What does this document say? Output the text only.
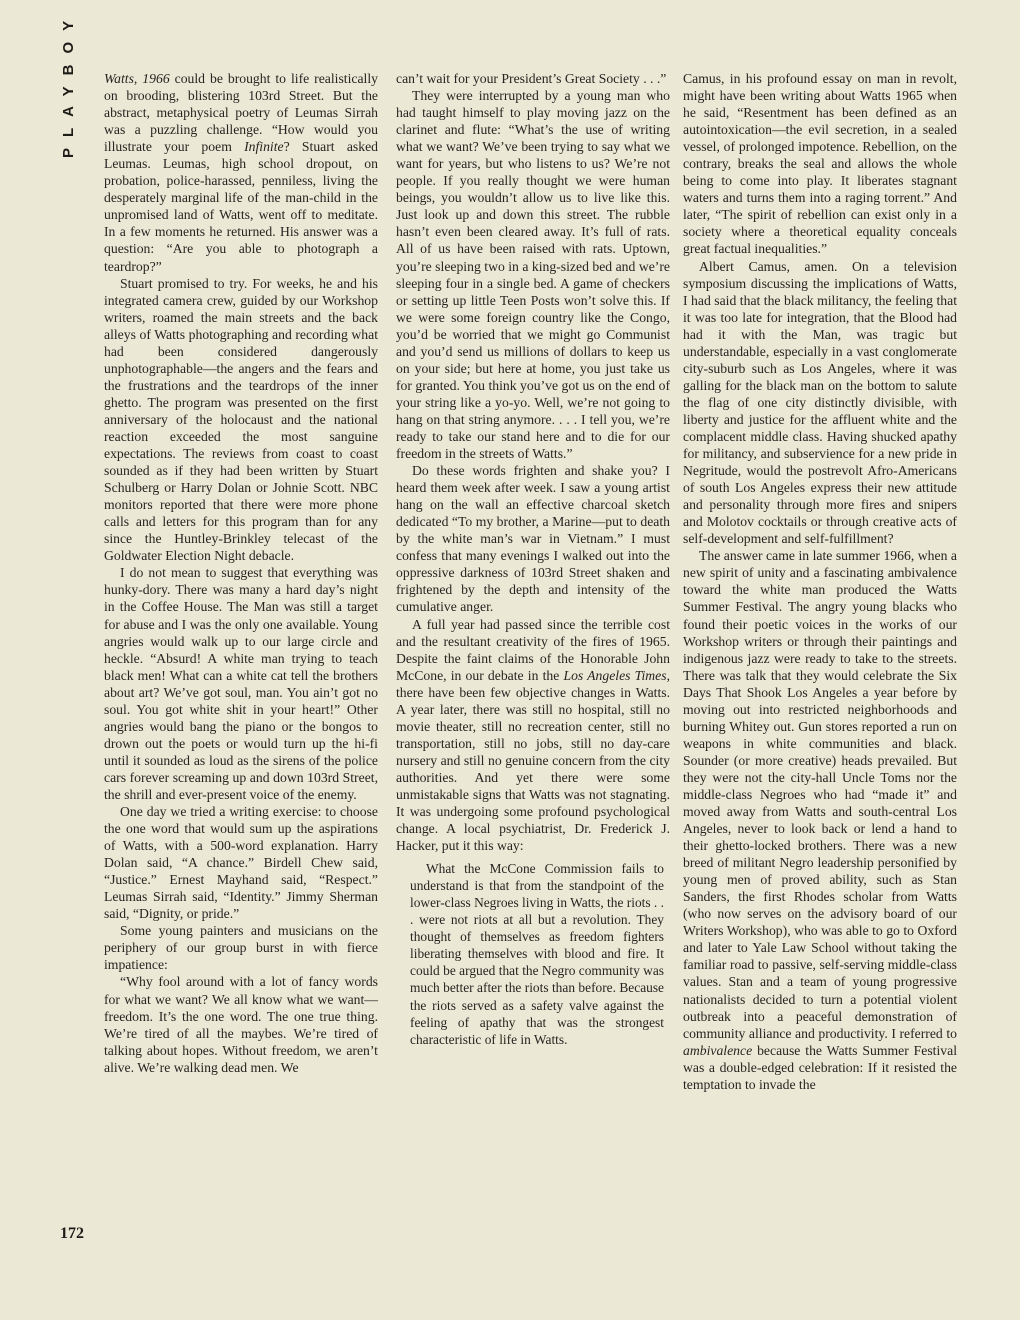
PLAYBOY	Watts, 1966 could be brought to life realistically on brooding, blistering 103rd Street. But the abstract, metaphysical poetry of Leumas Sirrah was a puzzling challenge. “How would you illustrate your poem Infinite? Stuart asked Leumas. Leumas, high school dropout, on probation, police-harassed, penniless, living the desperately marginal life of the man-child in the unpromised land of Watts, went off to meditate. In a few moments he returned. His answer was a question: “Are you able to photograph a teardrop?”

Stuart promised to try. For weeks, he and his integrated camera crew, guided by our Workshop writers, roamed the main streets and the back alleys of Watts photographing and recording what had been considered dangerously unphotographable—the angers and the fears and the frustrations and the teardrops of the inner ghetto. The program was presented on the first anniversary of the holocaust and the national reaction exceeded the most sanguine expectations. The reviews from coast to coast sounded as if they had been written by Stuart Schulberg or Harry Dolan or Johnie Scott. NBC monitors reported that there were more phone calls and letters for this program than for any since the Huntley-Brinkley telecast of the Goldwater Election Night debacle.

I do not mean to suggest that everything was hunky-dory. There was many a hard day’s night in the Coffee House. The Man was still a target for abuse and I was the only one available. Young angries would walk up to our large circle and heckle. “Absurd! A white man trying to teach black men! What can a white cat tell the brothers about art? We’ve got soul, man. You ain’t got no soul. You got white shit in your heart!” Other angries would bang the piano or the bongos to drown out the poets or would turn up the hi-fi until it sounded as loud as the sirens of the police cars forever screaming up and down 103rd Street, the shrill and ever-present voice of the enemy.

One day we tried a writing exercise: to choose the one word that would sum up the aspirations of Watts, with a 500-word explanation. Harry Dolan said, “A chance.” Birdell Chew said, “Justice.” Ernest Mayhand said, “Respect.” Leumas Sirrah said, “Identity.” Jimmy Sherman said, “Dignity, or pride.”

Some young painters and musicians on the periphery of our group burst in with fierce impatience:

“Why fool around with a lot of fancy words for what we want? We all know what we want—freedom. It’s the one word. The one true thing. We’re tired of all the maybes. We’re tired of talking about hopes. Without freedom, we aren’t alive. We’re walking dead men. We

can’t wait for your President’s Great Society . . .”

They were interrupted by a young man who had taught himself to play moving jazz on the clarinet and flute: “What’s the use of writing what we want? We’ve been trying to say what we want for years, but who listens to us? We’re not people. If you really thought we were human beings, you wouldn’t allow us to live like this. Just look up and down this street. The rubble hasn’t even been cleared away. It’s full of rats. All of us have been raised with rats. Uptown, you’re sleeping two in a king-sized bed and we’re sleeping four in a single bed. A game of checkers or setting up little Teen Posts won’t solve this. If we were some foreign country like the Congo, you’d be worried that we might go Communist and you’d send us millions of dollars to keep us on your side; but here at home, you just take us for granted. You think you’ve got us on the end of your string like a yo-yo. Well, we’re not going to hang on that string anymore. . . . I tell you, we’re ready to take our stand here and to die for our freedom in the streets of Watts.”

Do these words frighten and shake you? I heard them week after week. I saw a young artist hang on the wall an effective charcoal sketch dedicated “To my brother, a Marine—put to death by the white man’s war in Vietnam.” I must confess that many evenings I walked out into the oppressive darkness of 103rd Street shaken and frightened by the depth and intensity of the cumulative anger.

A full year had passed since the terrible cost and the resultant creativity of the fires of 1965. Despite the faint claims of the Honorable John McCone, in our debate in the Los Angeles Times, there have been few objective changes in Watts. A year later, there was still no hospital, still no movie theater, still no recreation center, still no transportation, still no jobs, still no day-care nursery and still no genuine concern from the city authorities. And yet there were some unmistakable signs that Watts was not stagnating. It was undergoing some profound psychological change. A local psychiatrist, Dr. Frederick J. Hacker, put it this way:

What the McCone Commission fails to understand is that from the standpoint of the lower-class Negroes living in Watts, the riots . . . were not riots at all but a revolution. They thought of themselves as freedom fighters liberating themselves with blood and fire. It could be argued that the Negro community was much better after the riots than before. Because the riots served as a safety valve against the feeling of apathy that was the strongest characteristic of life in Watts.

Camus, in his profound essay on man in revolt, might have been writing about Watts 1965 when he said, “Resentment has been defined as an autointoxication—the evil secretion, in a sealed vessel, of prolonged impotence. Rebellion, on the contrary, breaks the seal and allows the whole being to come into play. It liberates stagnant waters and turns them into a raging torrent.” And later, “The spirit of rebellion can exist only in a society where a theoretical equality conceals great factual inequalities.”

Albert Camus, amen. On a television symposium discussing the implications of Watts, I had said that the black militancy, the feeling that it was too late for integration, that the Blood had had it with the Man, was tragic but understandable, especially in a vast conglomerate city-suburb such as Los Angeles, where it was galling for the black man on the bottom to salute the flag of one city distinctly divisible, with liberty and justice for the affluent white and the complacent middle class. Having shucked apathy for militancy, and subservience for a new pride in Negritude, would the postrevolt Afro-Americans of south Los Angeles express their new attitude and personality through more fires and snipers and Molotov cocktails or through creative acts of self-development and self-fulfillment?

The answer came in late summer 1966, when a new spirit of unity and a fascinating ambivalence toward the white man produced the Watts Summer Festival. The angry young blacks who found their poetic voices in the works of our Workshop writers or through their paintings and indigenous jazz were ready to take to the streets. There was talk that they would celebrate the Six Days That Shook Los Angeles a year before by moving out into restricted neighborhoods and burning Whitey out. Gun stores reported a run on weapons in white communities and black. Sounder (or more creative) heads prevailed. But they were not the city-hall Uncle Toms nor the middle-class Negroes who had “made it” and moved away from Watts and south-central Los Angeles, never to look back or lend a hand to their ghetto-locked brothers. There was a new breed of militant Negro leadership personified by young men of proved ability, such as Stan Sanders, the first Rhodes scholar from Watts (who now serves on the advisory board of our Writers Workshop), who was able to go to Oxford and later to Yale Law School without taking the familiar road to passive, self-serving middle-class values. Stan and a team of young progressive nationalists decided to turn a potential violent outbreak into a peaceful demonstration of community alliance and productivity. I referred to ambivalence because the Watts Summer Festival was a double-edged celebration: If it resisted the temptation to invade the

172
